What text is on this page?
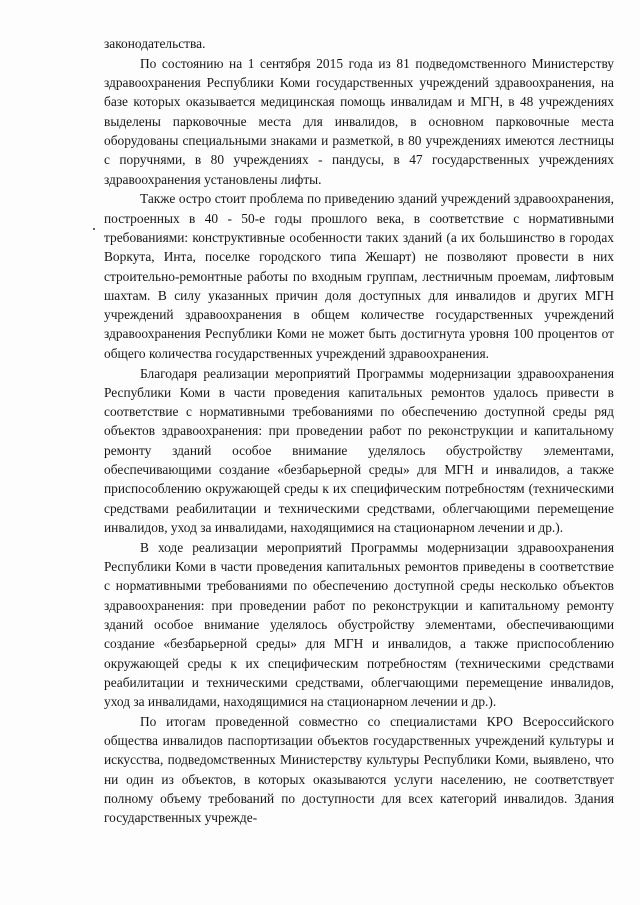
законодательства.

По состоянию на 1 сентября 2015 года из 81 подведомственного Министерству здравоохранения Республики Коми государственных учреждений здравоохранения, на базе которых оказывается медицинская помощь инвалидам и МГН, в 48 учреждениях выделены парковочные места для инвалидов, в основном парковочные места оборудованы специальными знаками и разметкой, в 80 учреждениях имеются лестницы с поручнями, в 80 учреждениях - пандусы, в 47 государственных учреждениях здравоохранения установлены лифты.

Также остро стоит проблема по приведению зданий учреждений здравоохранения, построенных в 40 - 50-е годы прошлого века, в соответствие с нормативными требованиями: конструктивные особенности таких зданий (а их большинство в городах Воркута, Инта, поселке городского типа Жешарт) не позволяют провести в них строительно-ремонтные работы по входным группам, лестничным проемам, лифтовым шахтам. В силу указанных причин доля доступных для инвалидов и других МГН учреждений здравоохранения в общем количестве государственных учреждений здравоохранения Республики Коми не может быть достигнута уровня 100 процентов от общего количества государственных учреждений здравоохранения.

Благодаря реализации мероприятий Программы модернизации здравоохранения Республики Коми в части проведения капитальных ремонтов удалось привести в соответствие с нормативными требованиями по обеспечению доступной среды ряд объектов здравоохранения: при проведении работ по реконструкции и капитальному ремонту зданий особое внимание уделялось обустройству элементами, обеспечивающими создание «безбарьерной среды» для МГН и инвалидов, а также приспособлению окружающей среды к их специфическим потребностям (техническими средствами реабилитации и техническими средствами, облегчающими перемещение инвалидов, уход за инвалидами, находящимися на стационарном лечении и др.).

В ходе реализации мероприятий Программы модернизации здравоохранения Республики Коми в части проведения капитальных ремонтов приведены в соответствие с нормативными требованиями по обеспечению доступной среды несколько объектов здравоохранения: при проведении работ по реконструкции и капитальному ремонту зданий особое внимание уделялось обустройству элементами, обеспечивающими создание «безбарьерной среды» для МГН и инвалидов, а также приспособлению окружающей среды к их специфическим потребностям (техническими средствами реабилитации и техническими средствами, облегчающими перемещение инвалидов, уход за инвалидами, находящимися на стационарном лечении и др.).

По итогам проведенной совместно со специалистами КРО Всероссийского общества инвалидов паспортизации объектов государственных учреждений культуры и искусства, подведомственных Министерству культуры Республики Коми, выявлено, что ни один из объектов, в которых оказываются услуги населению, не соответствует полному объему требований по доступности для всех категорий инвалидов. Здания государственных учрежде-
